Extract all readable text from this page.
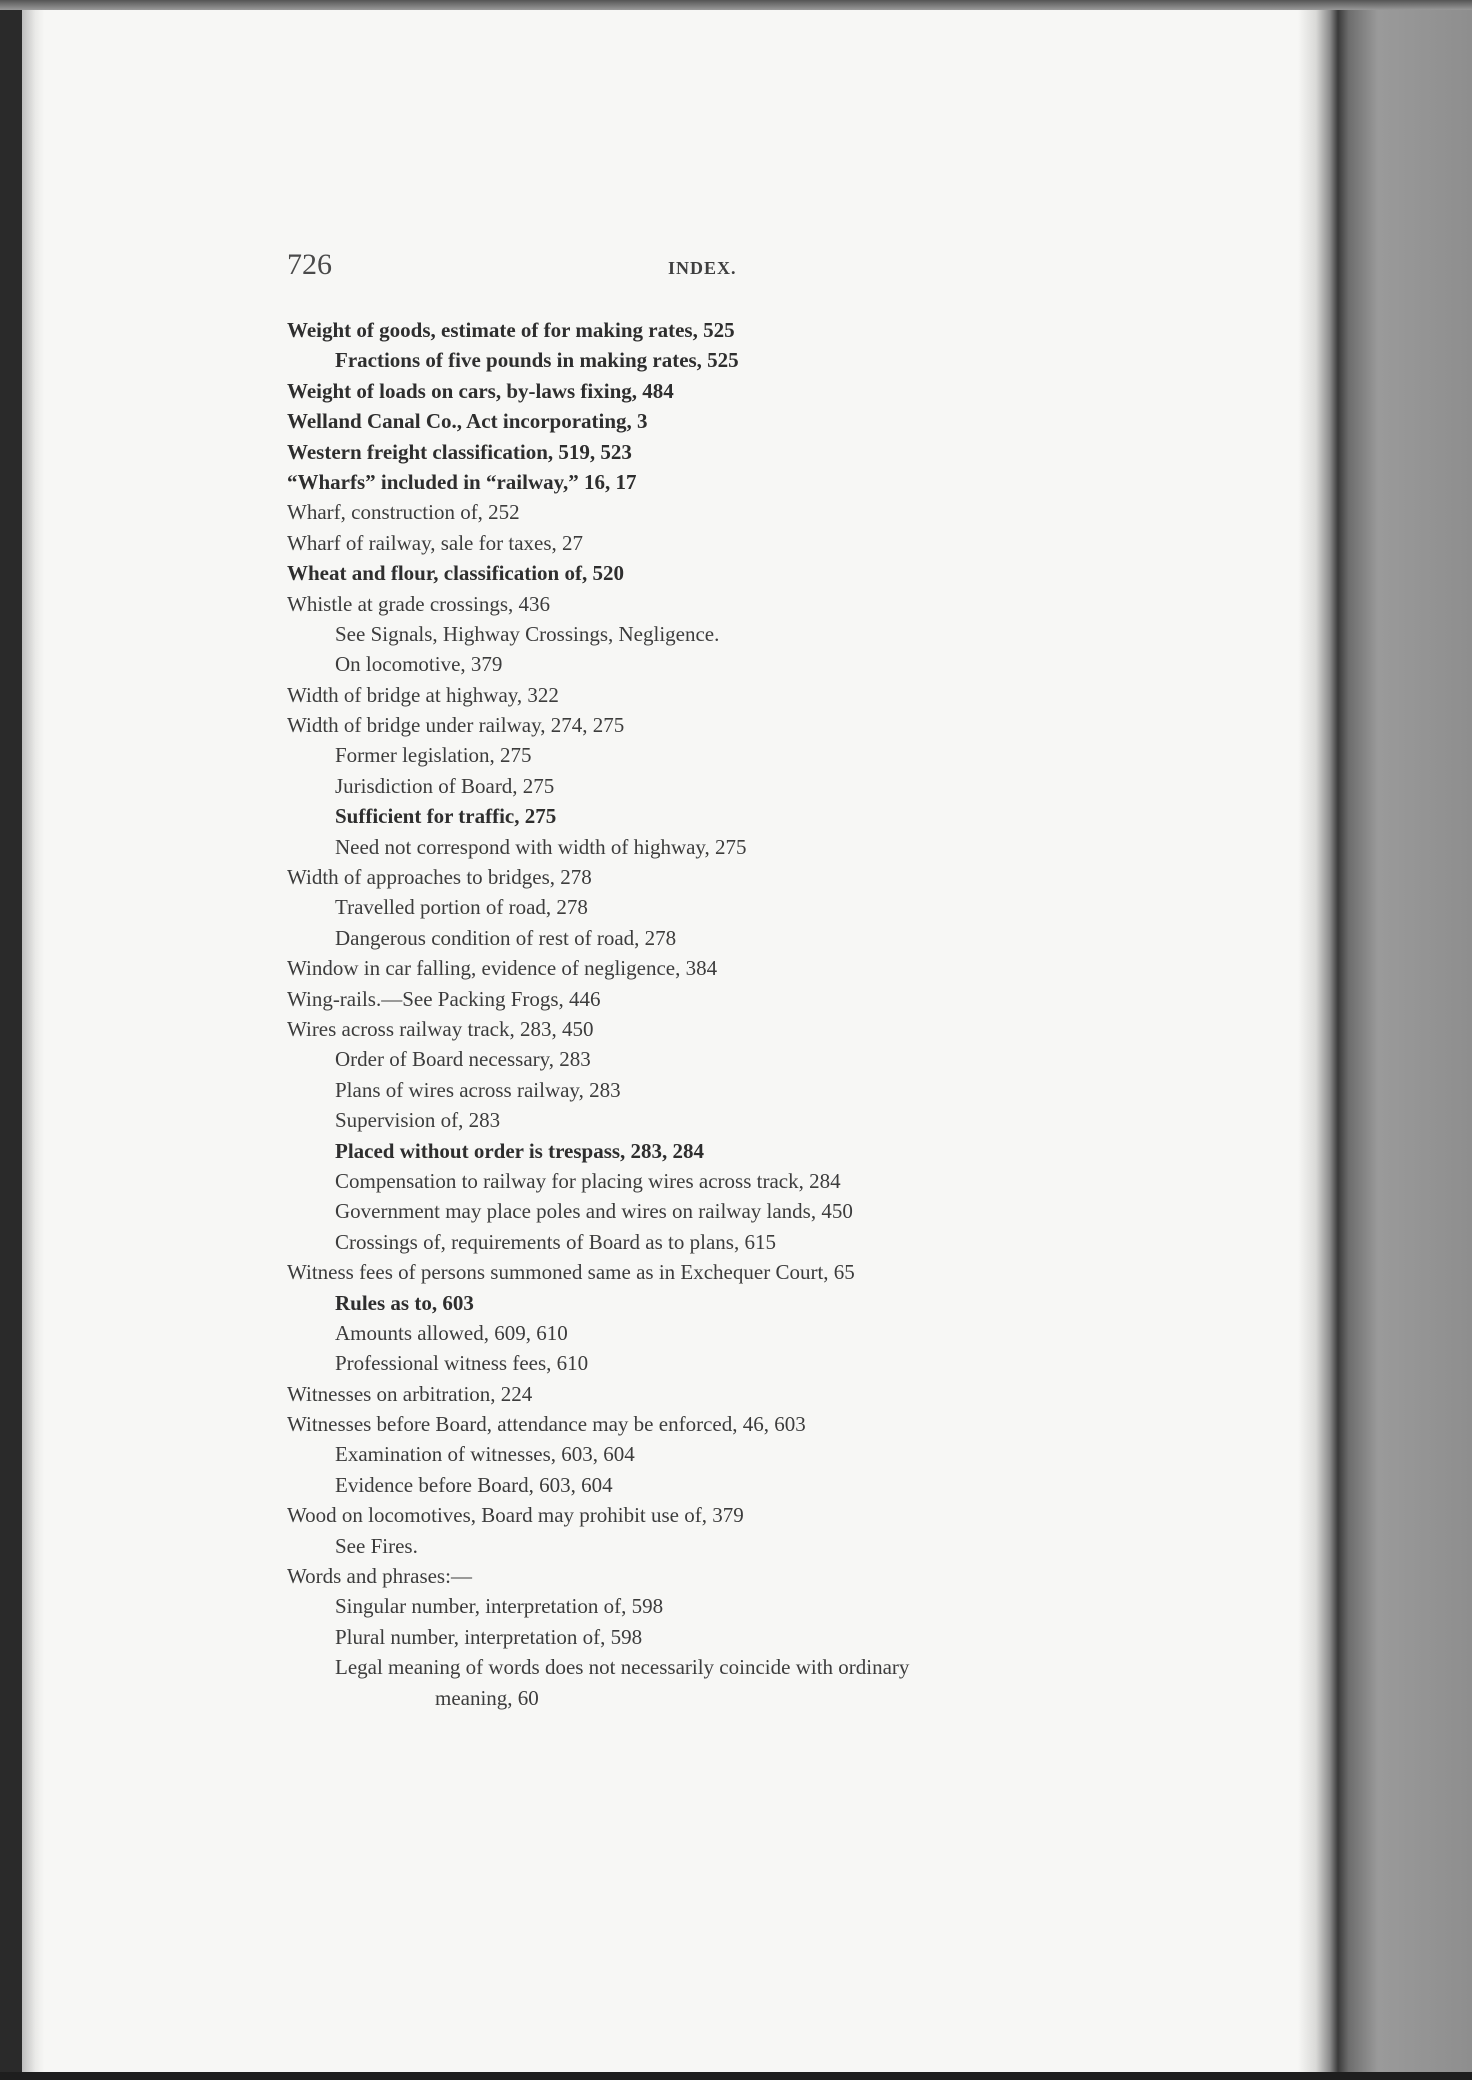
726	INDEX.
Weight of goods, estimate of for making rates, 525
Fractions of five pounds in making rates, 525
Weight of loads on cars, by-laws fixing, 484
Welland Canal Co., Act incorporating, 3
Western freight classification, 519, 523
“Wharfs” included in “railway,” 16, 17
Wharf, construction of, 252
Wharf of railway, sale for taxes, 27
Wheat and flour, classification of, 520
Whistle at grade crossings, 436
See Signals, Highway Crossings, Negligence.
On locomotive, 379
Width of bridge at highway, 322
Width of bridge under railway, 274, 275
Former legislation, 275
Jurisdiction of Board, 275
Sufficient for traffic, 275
Need not correspond with width of highway, 275
Width of approaches to bridges, 278
Travelled portion of road, 278
Dangerous condition of rest of road, 278
Window in car falling, evidence of negligence, 384
Wing-rails.—See Packing Frogs, 446
Wires across railway track, 283, 450
Order of Board necessary, 283
Plans of wires across railway, 283
Supervision of, 283
Placed without order is trespass, 283, 284
Compensation to railway for placing wires across track, 284
Government may place poles and wires on railway lands, 450
Crossings of, requirements of Board as to plans, 615
Witness fees of persons summoned same as in Exchequer Court, 65
Rules as to, 603
Amounts allowed, 609, 610
Professional witness fees, 610
Witnesses on arbitration, 224
Witnesses before Board, attendance may be enforced, 46, 603
Examination of witnesses, 603, 604
Evidence before Board, 603, 604
Wood on locomotives, Board may prohibit use of, 379
See Fires.
Words and phrases:—
Singular number, interpretation of, 598
Plural number, interpretation of, 598
Legal meaning of words does not necessarily coincide with ordinary
meaning, 60
